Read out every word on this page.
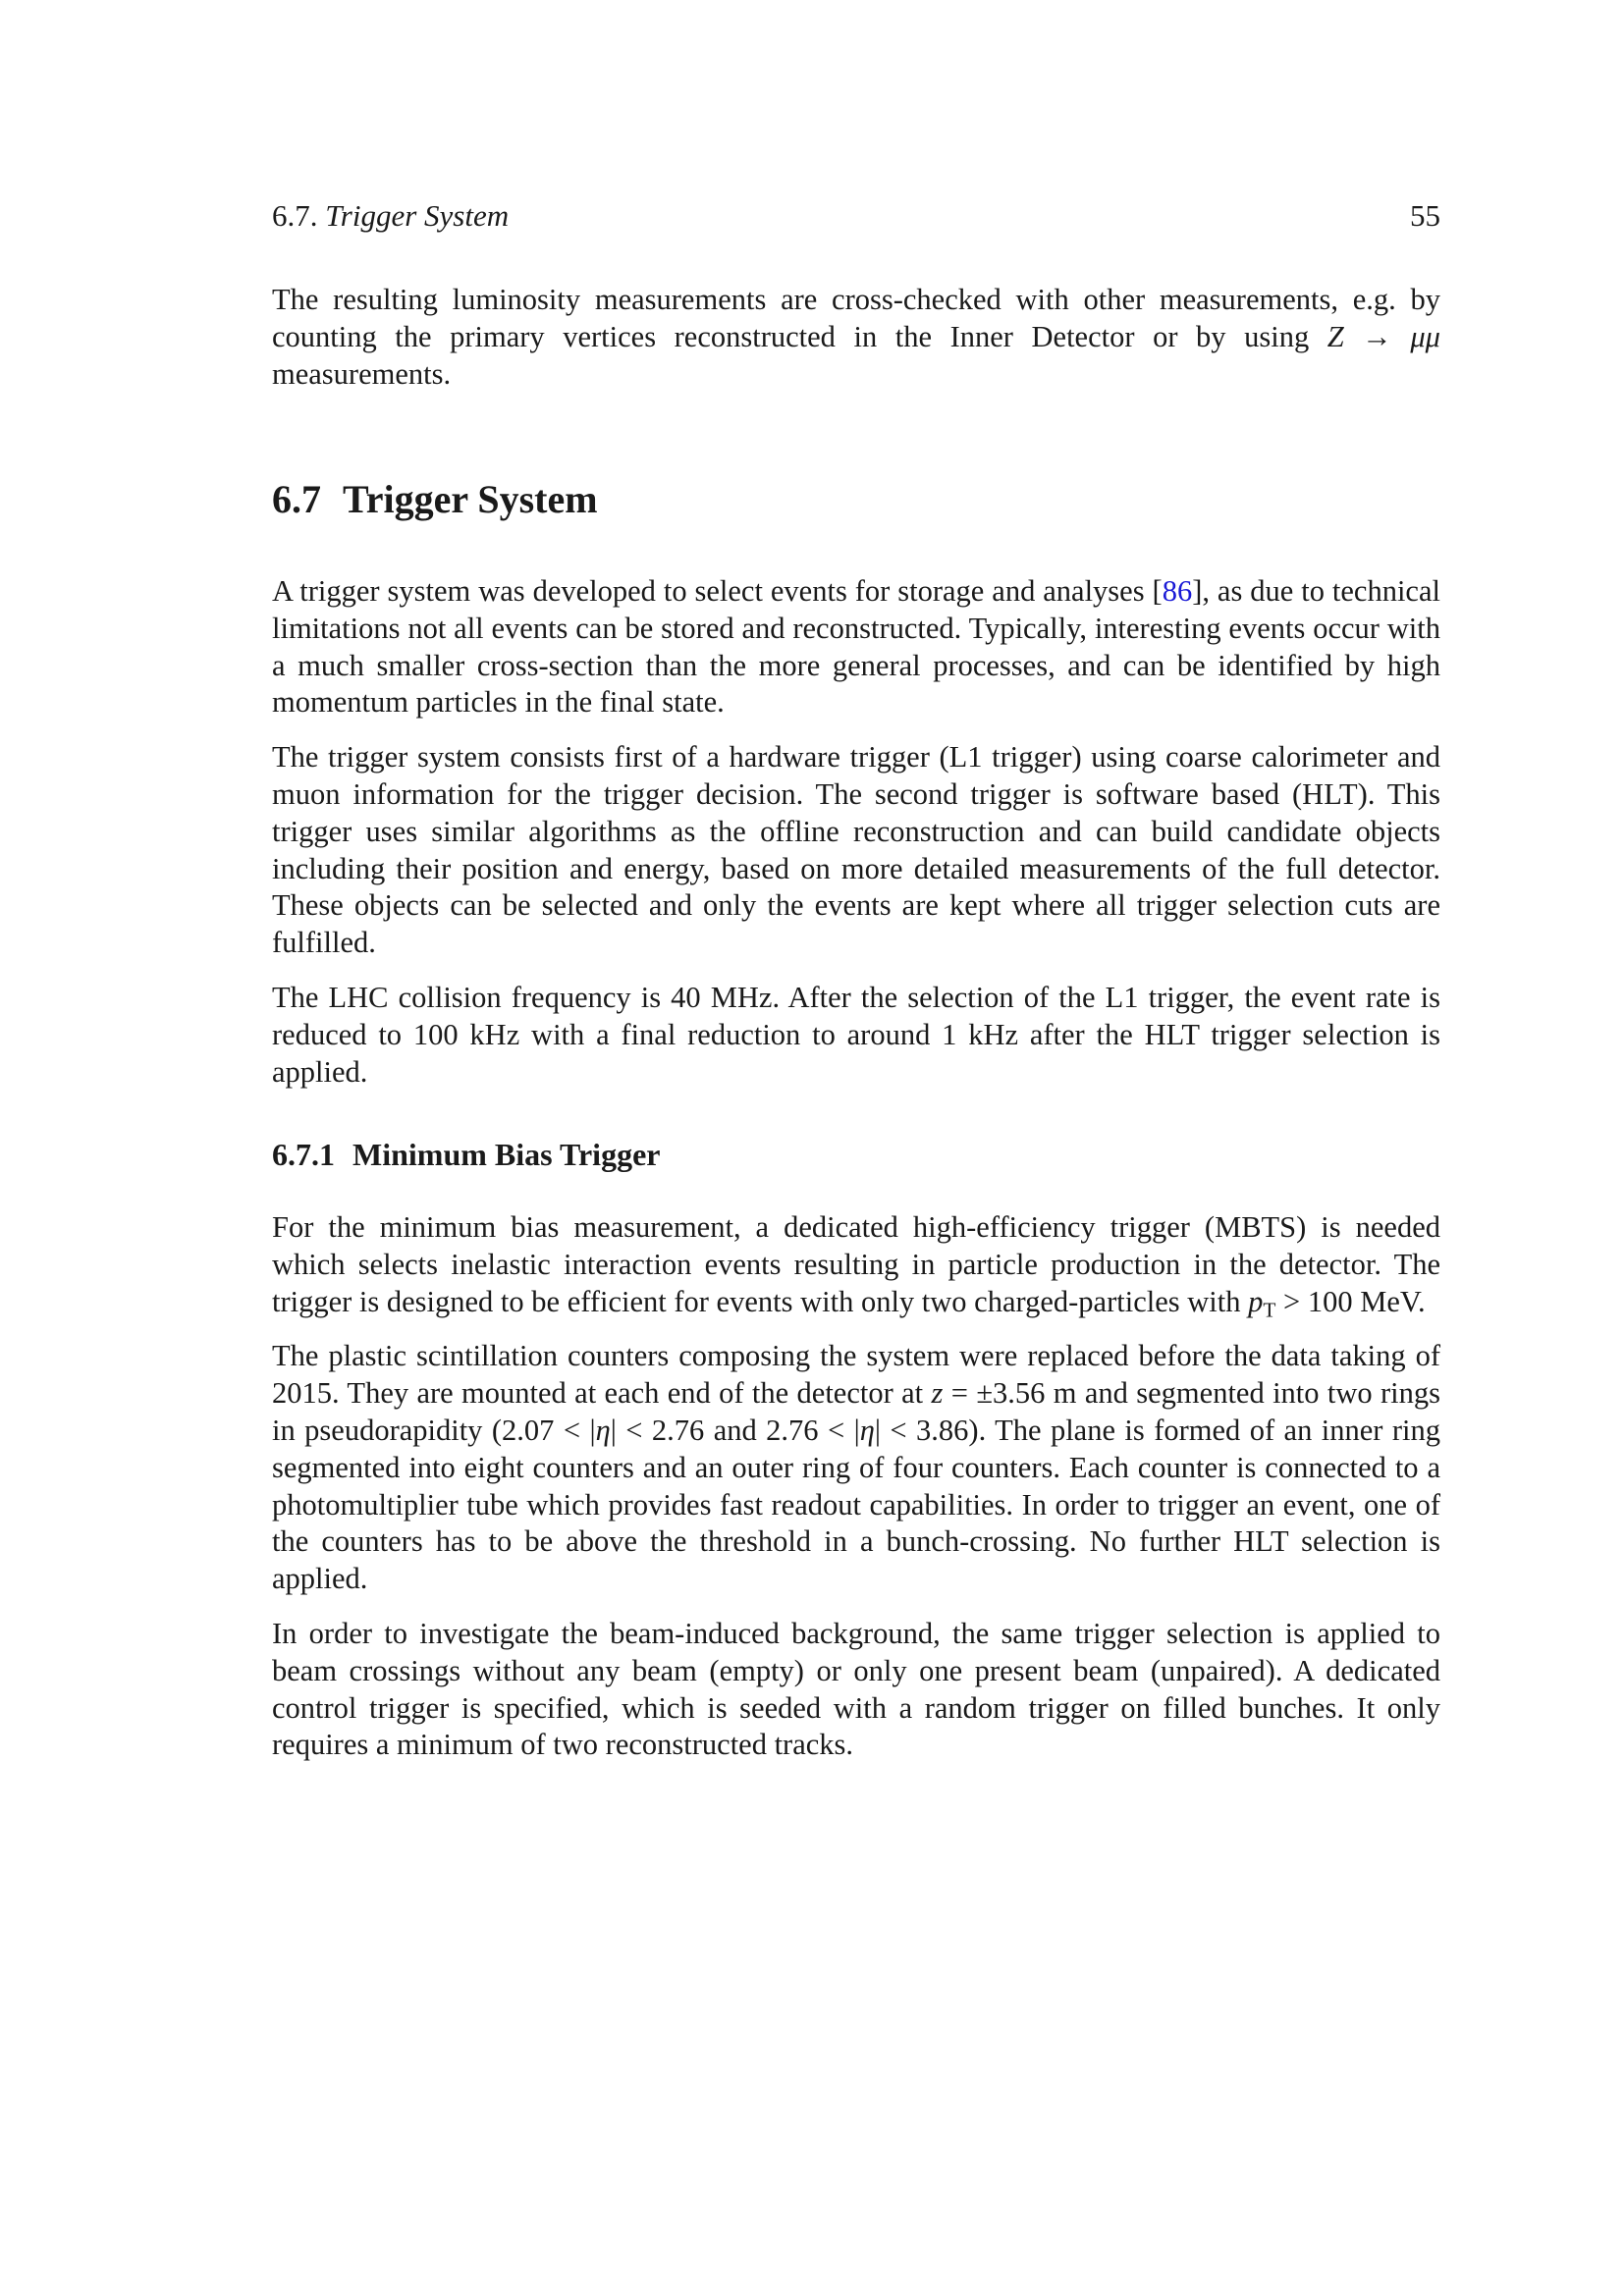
6.7. Trigger System	55

The resulting luminosity measurements are cross-checked with other measurements, e.g. by counting the primary vertices reconstructed in the Inner Detector or by using Z → μμ measurements.

6.7 Trigger System

A trigger system was developed to select events for storage and analyses [86], as due to technical limitations not all events can be stored and reconstructed. Typically, interesting events occur with a much smaller cross-section than the more general processes, and can be identified by high momentum particles in the final state.

The trigger system consists first of a hardware trigger (L1 trigger) using coarse calorimeter and muon information for the trigger decision. The second trigger is software based (HLT). This trigger uses similar algorithms as the offline reconstruction and can build candidate objects including their position and energy, based on more detailed measurements of the full detector. These objects can be selected and only the events are kept where all trigger selection cuts are fulfilled.

The LHC collision frequency is 40 MHz. After the selection of the L1 trigger, the event rate is reduced to 100 kHz with a final reduction to around 1 kHz after the HLT trigger selection is applied.

6.7.1 Minimum Bias Trigger

For the minimum bias measurement, a dedicated high-efficiency trigger (MBTS) is needed which selects inelastic interaction events resulting in particle production in the detector. The trigger is designed to be efficient for events with only two charged-particles with $p_T > 100$ MeV.

The plastic scintillation counters composing the system were replaced before the data taking of 2015. They are mounted at each end of the detector at z = ±3.56 m and segmented into two rings in pseudorapidity (2.07 < |η| < 2.76 and 2.76 < |η| < 3.86). The plane is formed of an inner ring segmented into eight counters and an outer ring of four counters. Each counter is connected to a photomultiplier tube which provides fast readout capabilities. In order to trigger an event, one of the counters has to be above the threshold in a bunch-crossing. No further HLT selection is applied.

In order to investigate the beam-induced background, the same trigger selection is applied to beam crossings without any beam (empty) or only one present beam (unpaired). A dedicated control trigger is specified, which is seeded with a random trigger on filled bunches. It only requires a minimum of two reconstructed tracks.
